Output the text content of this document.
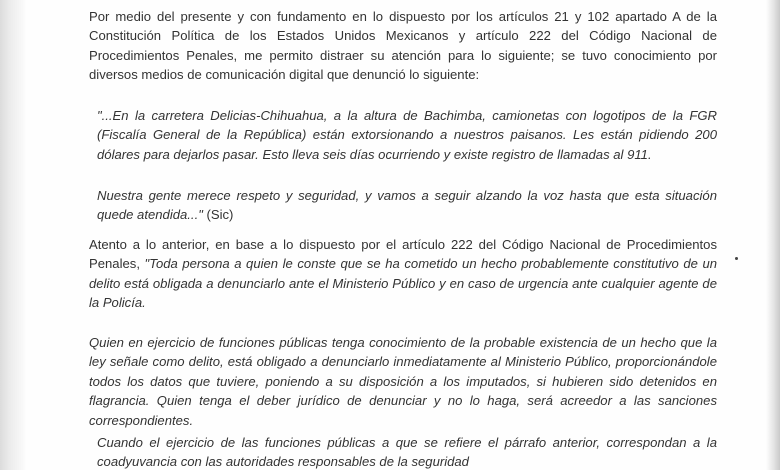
Por medio del presente y con fundamento en lo dispuesto por los artículos 21 y 102 apartado A de la Constitución Política de los Estados Unidos Mexicanos y artículo 222 del Código Nacional de Procedimientos Penales, me permito distraer su atención para lo siguiente; se tuvo conocimiento por diversos medios de comunicación digital que denunció lo siguiente:

"...En la carretera Delicias-Chihuahua, a la altura de Bachimba, camionetas con logotipos de la FGR (Fiscalía General de la República) están extorsionando a nuestros paisanos. Les están pidiendo 200 dólares para dejarlos pasar. Esto lleva seis días ocurriendo y existe registro de llamadas al 911.

Nuestra gente merece respeto y seguridad, y vamos a seguir alzando la voz hasta que esta situación quede atendida..." (Sic)

Atento a lo anterior, en base a lo dispuesto por el artículo 222 del Código Nacional de Procedimientos Penales, "Toda persona a quien le conste que se ha cometido un hecho probablemente constitutivo de un delito está obligada a denunciarlo ante el Ministerio Público y en caso de urgencia ante cualquier agente de la Policía.

Quien en ejercicio de funciones públicas tenga conocimiento de la probable existencia de un hecho que la ley señale como delito, está obligado a denunciarlo inmediatamente al Ministerio Público, proporcionándole todos los datos que tuviere, poniendo a su disposición a los imputados, si hubieren sido detenidos en flagrancia. Quien tenga el deber jurídico de denunciar y no lo haga, será acreedor a las sanciones correspondientes.

Cuando el ejercicio de las funciones públicas a que se refiere el párrafo anterior, correspondan a la coadyuvancia con las autoridades responsables de la seguridad
